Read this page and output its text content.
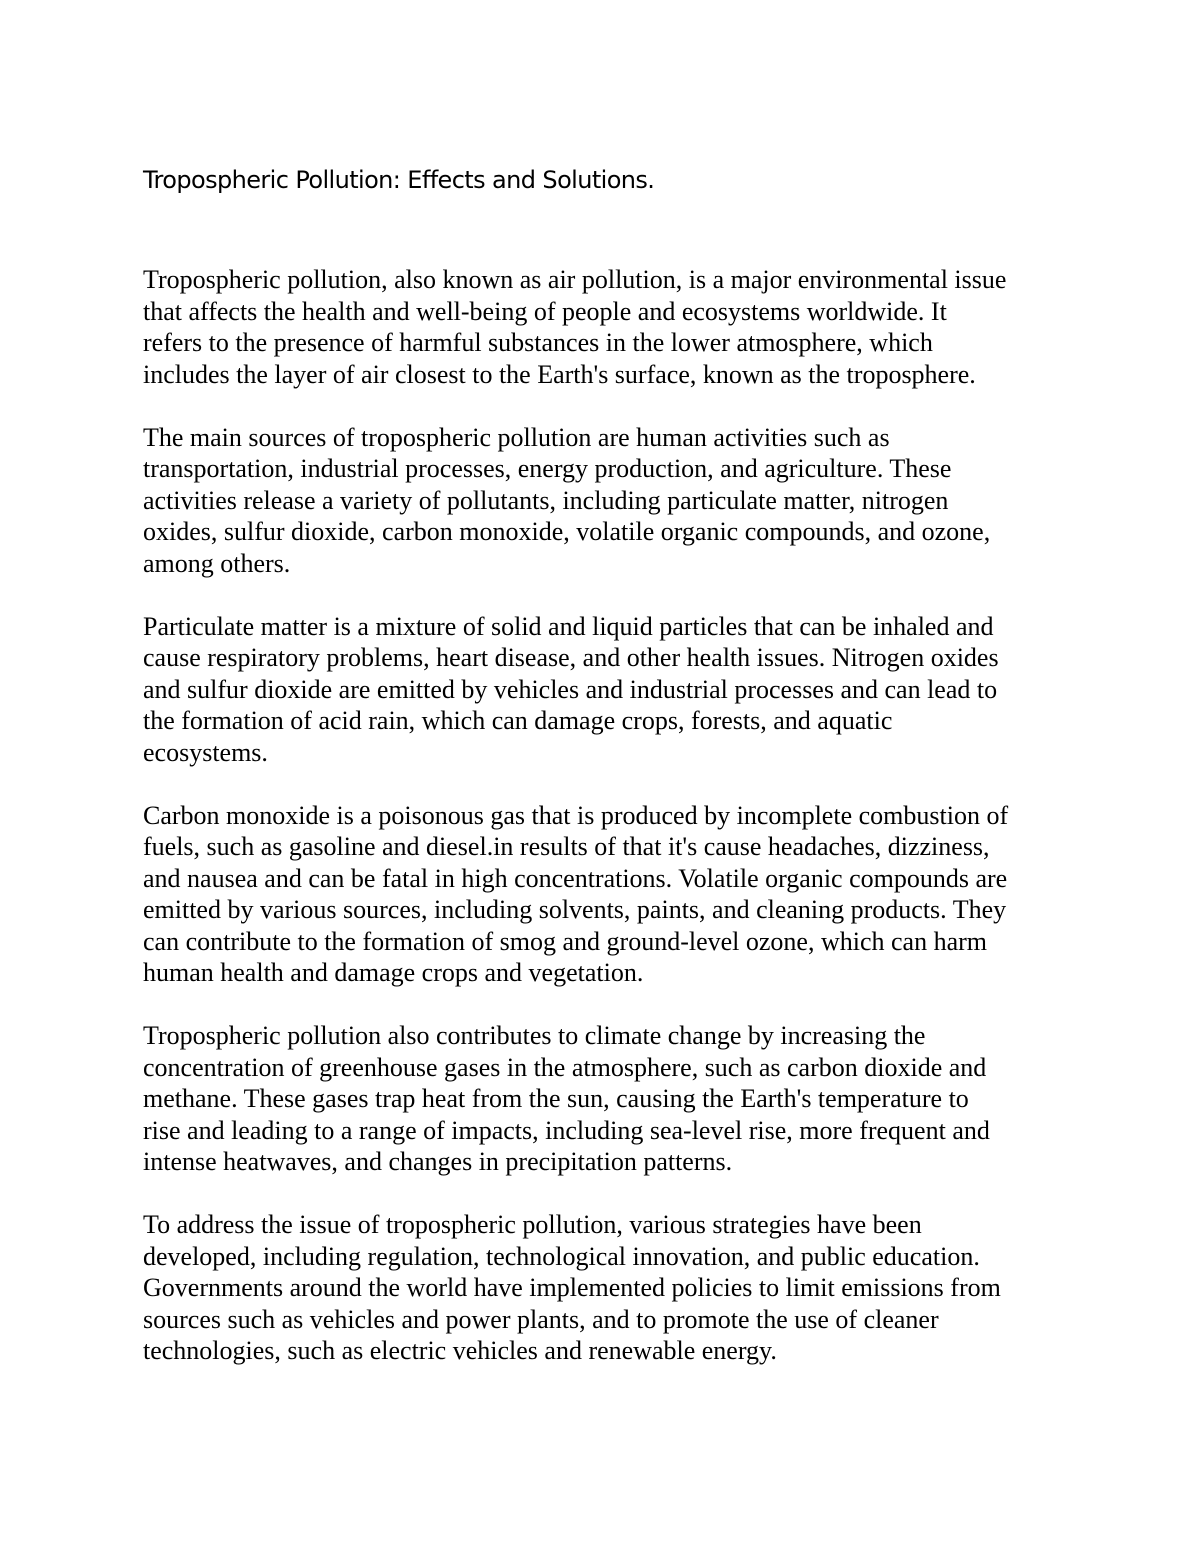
Tropospheric Pollution: Effects and Solutions.

Tropospheric pollution, also known as air pollution, is a major environmental issue
that affects the health and well-being of people and ecosystems worldwide. It
refers to the presence of harmful substances in the lower atmosphere, which
includes the layer of air closest to the Earth's surface, known as the troposphere.

The main sources of tropospheric pollution are human activities such as
transportation, industrial processes, energy production, and agriculture. These
activities release a variety of pollutants, including particulate matter, nitrogen
oxides, sulfur dioxide, carbon monoxide, volatile organic compounds, and ozone,
among others.

Particulate matter is a mixture of solid and liquid particles that can be inhaled and
cause respiratory problems, heart disease, and other health issues. Nitrogen oxides
and sulfur dioxide are emitted by vehicles and industrial processes and can lead to
the formation of acid rain, which can damage crops, forests, and aquatic
ecosystems.

Carbon monoxide is a poisonous gas that is produced by incomplete combustion of
fuels, such as gasoline and diesel.in results of that it's cause headaches, dizziness,
and nausea and can be fatal in high concentrations. Volatile organic compounds are
emitted by various sources, including solvents, paints, and cleaning products. They
can contribute to the formation of smog and ground-level ozone, which can harm
human health and damage crops and vegetation.

Tropospheric pollution also contributes to climate change by increasing the
concentration of greenhouse gases in the atmosphere, such as carbon dioxide and
methane. These gases trap heat from the sun, causing the Earth's temperature to
rise and leading to a range of impacts, including sea-level rise, more frequent and
intense heatwaves, and changes in precipitation patterns.

To address the issue of tropospheric pollution, various strategies have been
developed, including regulation, technological innovation, and public education.
Governments around the world have implemented policies to limit emissions from
sources such as vehicles and power plants, and to promote the use of cleaner
technologies, such as electric vehicles and renewable energy.
